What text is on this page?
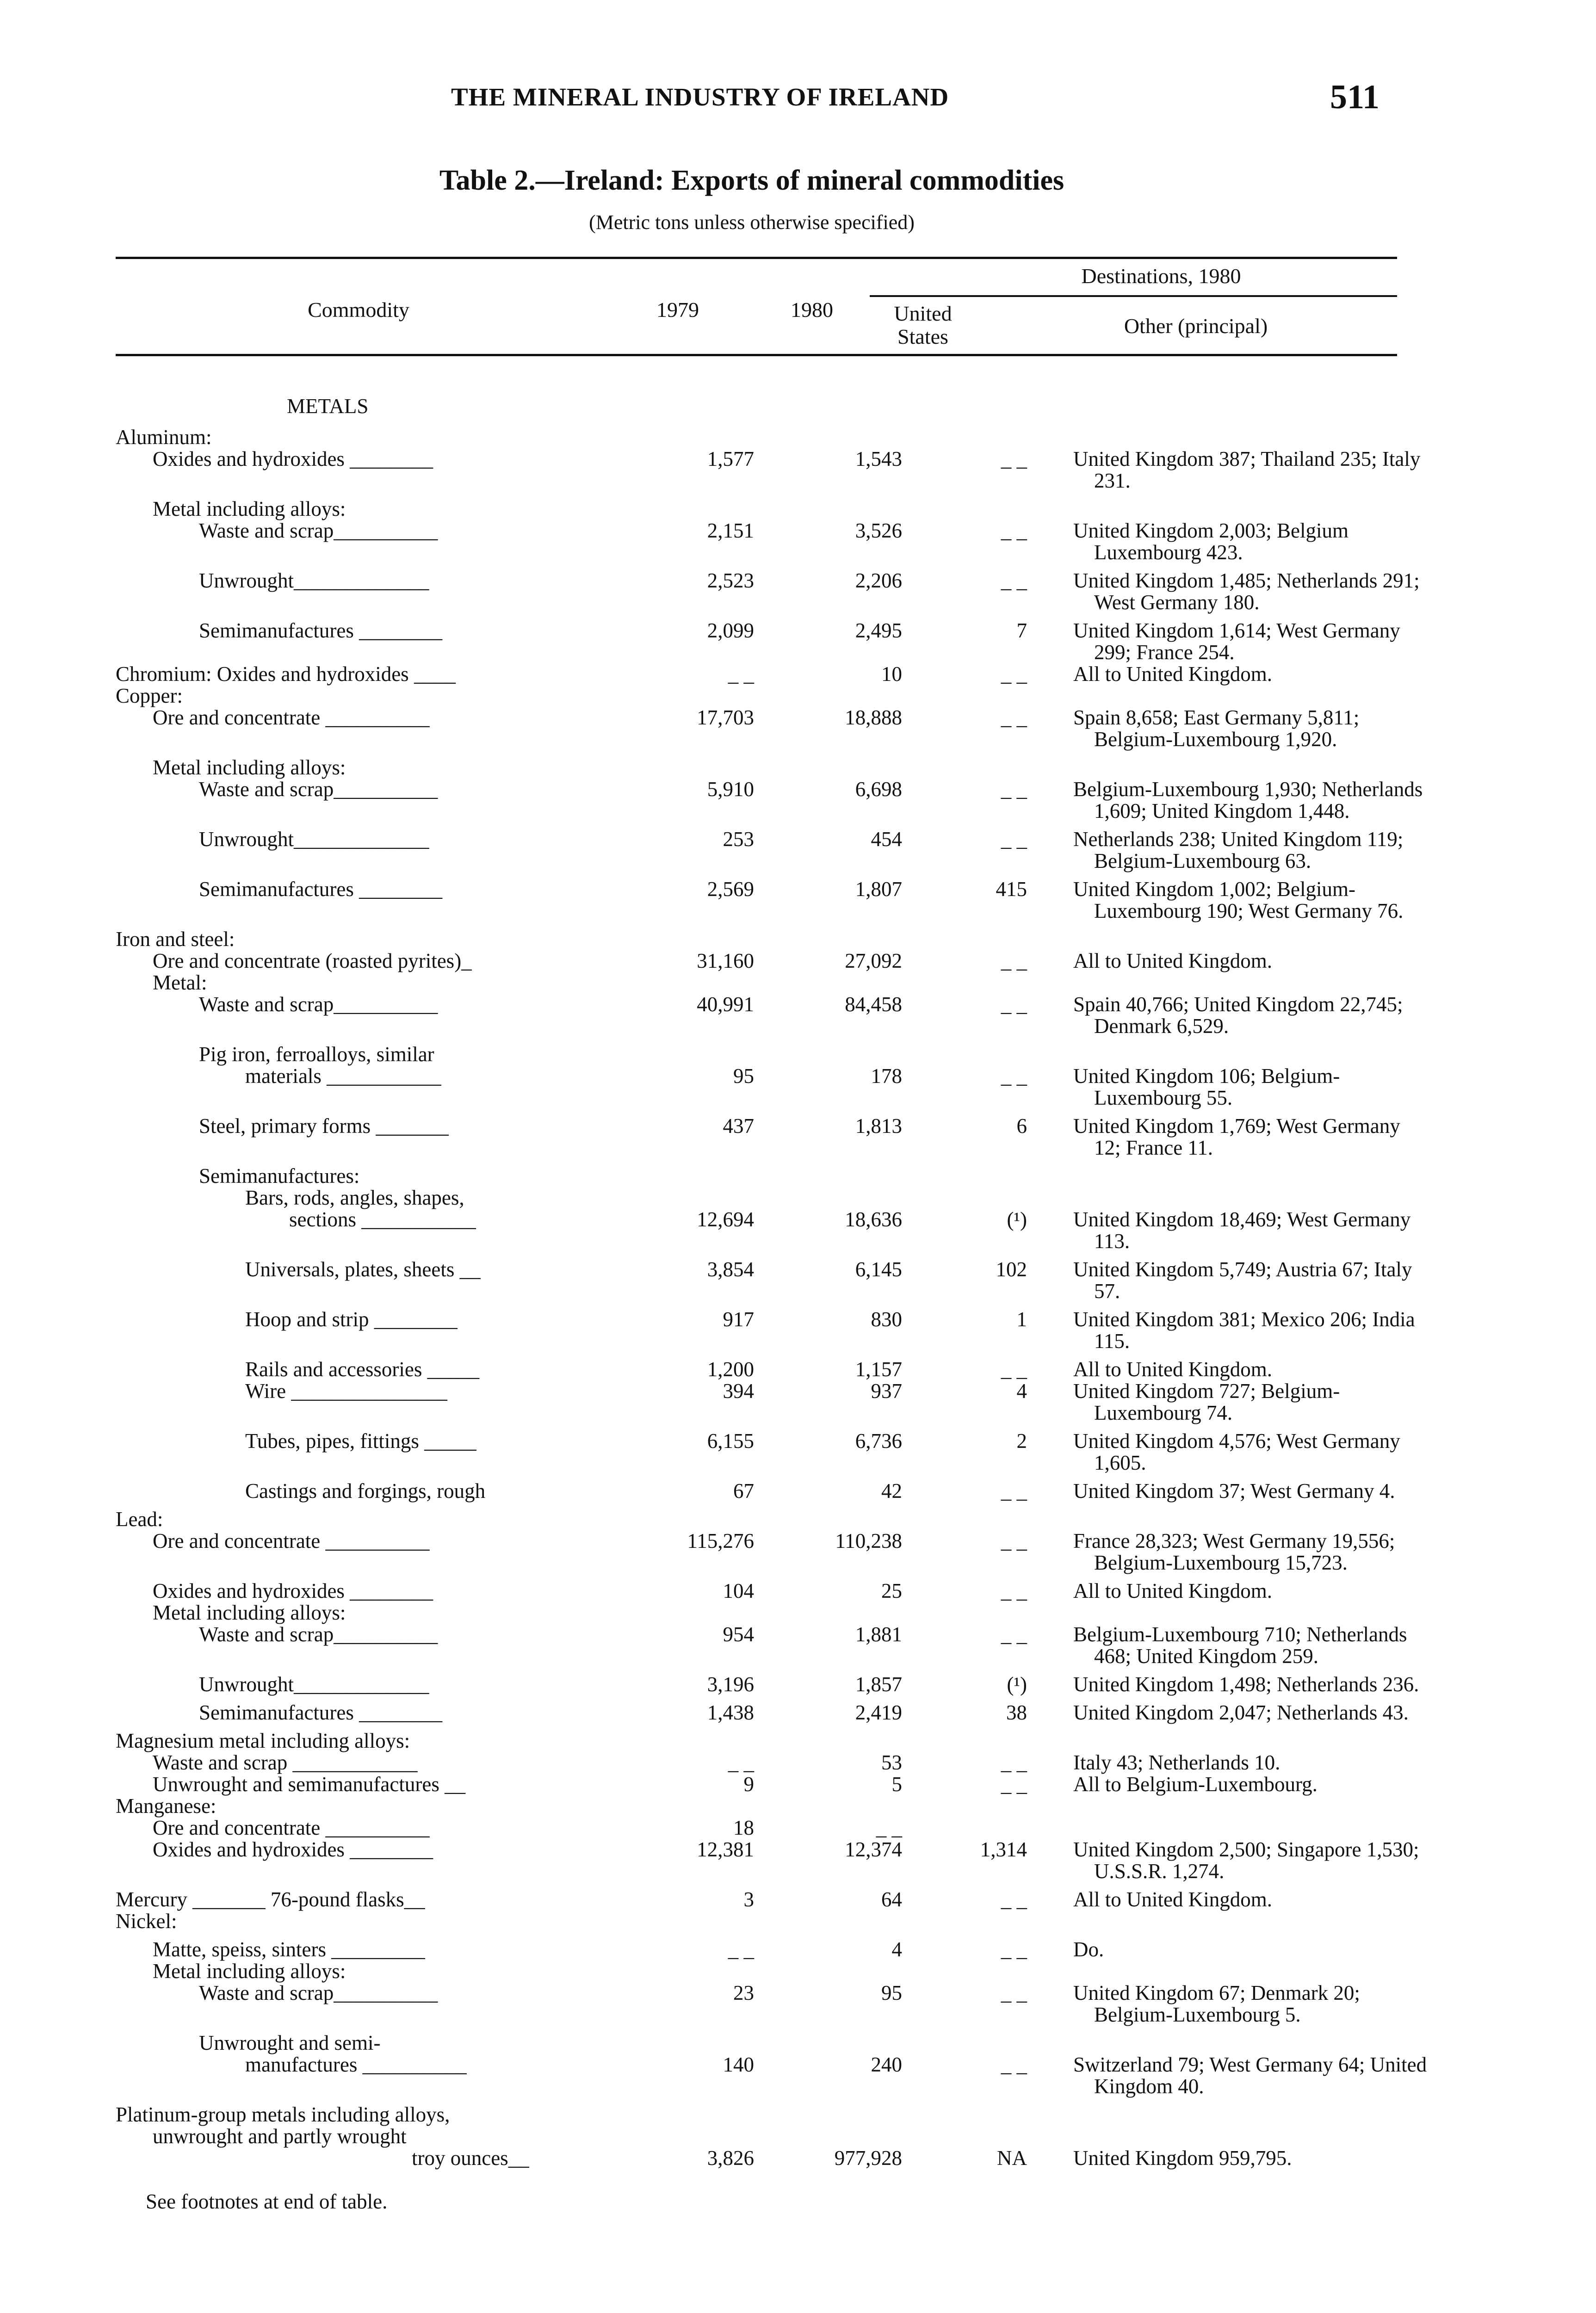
THE MINERAL INDUSTRY OF IRELAND	511
Table 2.—Ireland: Exports of mineral commodities
(Metric tons unless otherwise specified)
Commodity	1979	1980
Destinations, 1980
United
States	Other (principal)
METALS				

Aluminum:				

Oxides and hydroxides ________	1,577	1,543	_ _	United Kingdom 387; Thailand 235; Italy 231.

Metal including alloys:				

Waste and scrap__________	2,151	3,526	_ _	United Kingdom 2,003; Belgium Luxembourg 423.

Unwrought_____________	2,523	2,206	_ _	United Kingdom 1,485; Netherlands 291; West Germany 180.

Semimanufactures ________	2,099	2,495	7	United Kingdom 1,614; West Germany 299; France 254.

Chromium: Oxides and hydroxides ____	_ _	10	_ _	All to United Kingdom.

Copper:				

Ore and concentrate __________	17,703	18,888	_ _	Spain 8,658; East Germany 5,811; Belgium-Luxembourg 1,920.

Metal including alloys:				

Waste and scrap__________	5,910	6,698	_ _	Belgium-Luxembourg 1,930; Netherlands 1,609; United Kingdom 1,448.

Unwrought_____________	253	454	_ _	Netherlands 238; United Kingdom 119; Belgium-Luxembourg 63.

Semimanufactures ________	2,569	1,807	415	United Kingdom 1,002; Belgium-Luxembourg 190; West Germany 76.

Iron and steel:				

Ore and concentrate (roasted pyrites)_	31,160	27,092	_ _	All to United Kingdom.

Metal:				

Waste and scrap__________	40,991	84,458	_ _	Spain 40,766; United Kingdom 22,745; Denmark 6,529.

Pig iron, ferroalloys, similar				

materials ___________	95	178	_ _	United Kingdom 106; Belgium-Luxembourg 55.

Steel, primary forms _______	437	1,813	6	United Kingdom 1,769; West Germany 12; France 11.

Semimanufactures:				

Bars, rods, angles, shapes,				

sections ___________	12,694	18,636	(¹)	United Kingdom 18,469; West Germany 113.

Universals, plates, sheets __	3,854	6,145	102	United Kingdom 5,749; Austria 67; Italy 57.

Hoop and strip ________	917	830	1	United Kingdom 381; Mexico 206; India 115.

Rails and accessories _____	1,200	1,157	_ _	All to United Kingdom.

Wire _______________	394	937	4	United Kingdom 727; Belgium-Luxembourg 74.

Tubes, pipes, fittings _____	6,155	6,736	2	United Kingdom 4,576; West Germany 1,605.

Castings and forgings, rough	67	42	_ _	United Kingdom 37; West Germany 4.

Lead:				

Ore and concentrate __________	115,276	110,238	_ _	France 28,323; West Germany 19,556; Belgium-Luxembourg 15,723.

Oxides and hydroxides ________	104	25	_ _	All to United Kingdom.

Metal including alloys:				

Waste and scrap__________	954	1,881	_ _	Belgium-Luxembourg 710; Netherlands 468; United Kingdom 259.

Unwrought_____________	3,196	1,857	(¹)	United Kingdom 1,498; Netherlands 236.

Semimanufactures ________	1,438	2,419	38	United Kingdom 2,047; Netherlands 43.

Magnesium metal including alloys:				

Waste and scrap ____________	_ _	53	_ _	Italy 43; Netherlands 10.

Unwrought and semimanufactures __	9	5	_ _	All to Belgium-Luxembourg.

Manganese:				

Ore and concentrate __________	18	_ _		

Oxides and hydroxides ________	12,381	12,374	1,314	United Kingdom 2,500; Singapore 1,530; U.S.S.R. 1,274.

Mercury _______ 76-pound flasks__	3	64	_ _	All to United Kingdom.

Nickel:				

Matte, speiss, sinters _________	_ _	4	_ _	Do.

Metal including alloys:				

Waste and scrap__________	23	95	_ _	United Kingdom 67; Denmark 20; Belgium-Luxembourg 5.

Unwrought and semi-				

manufactures __________	140	240	_ _	Switzerland 79; West Germany 64; United Kingdom 40.

Platinum-group metals including alloys,				

unwrought and partly wrought				

troy ounces__	3,826	977,928	NA	United Kingdom 959,795.
See footnotes at end of table.
